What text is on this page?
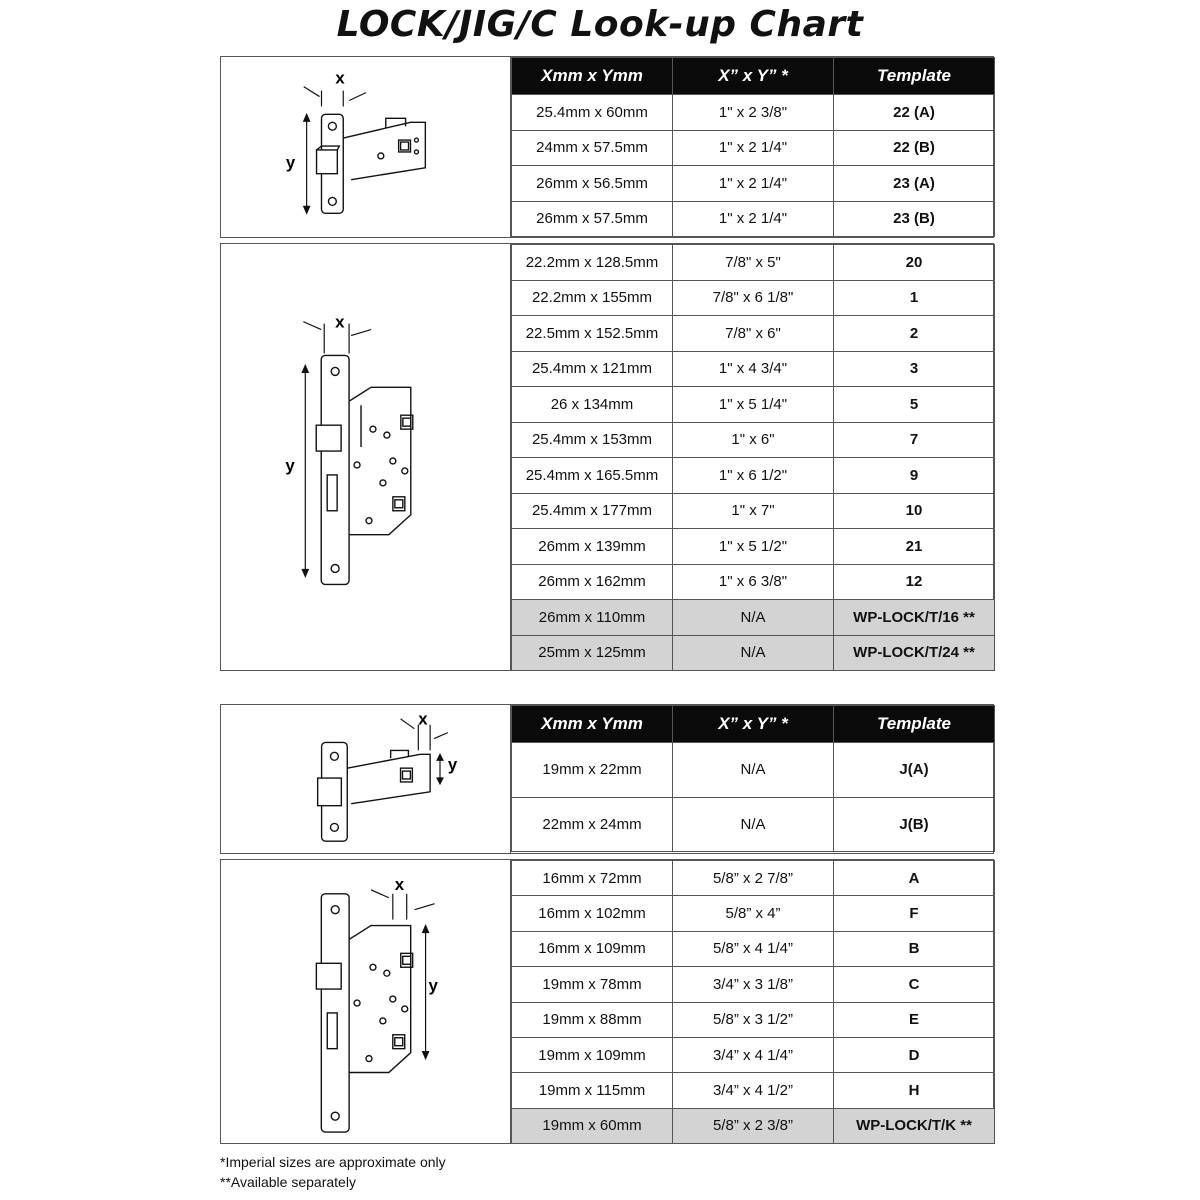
LOCK/JIG/C Look-up Chart
x
y
Xmm x Ymm	X” x Y” *	Template
25.4mm x 60mm	1" x 2 3/8"	22 (A)
24mm x 57.5mm	1" x 2 1/4"	22 (B)
26mm x 56.5mm	1" x 2 1/4"	23 (A)
26mm x 57.5mm	1" x 2 1/4"	23 (B)
x
y
22.2mm x 128.5mm	7/8" x 5"	20
22.2mm x 155mm	7/8" x 6 1/8"	1
22.5mm x 152.5mm	7/8" x 6"	2
25.4mm x 121mm	1" x 4 3/4"	3
26 x 134mm	1" x 5 1/4"	5
25.4mm x 153mm	1" x 6"	7
25.4mm x 165.5mm	1" x 6 1/2"	9
25.4mm x 177mm	1" x 7"	10
26mm x 139mm	1" x 5 1/2"	21
26mm x 162mm	1" x 6 3/8"	12
26mm x 110mm	N/A	WP-LOCK/T/16 **
25mm x 125mm	N/A	WP-LOCK/T/24 **
x
y
Xmm x Ymm	X” x Y” *	Template
19mm x 22mm	N/A	J(A)
22mm x 24mm	N/A	J(B)
x
y
16mm x 72mm	5/8” x 2 7/8”	A
16mm x 102mm	5/8” x 4”	F
16mm x 109mm	5/8” x 4 1/4”	B
19mm x 78mm	3/4” x 3 1/8”	C
19mm x 88mm	5/8” x 3 1/2”	E
19mm x 109mm	3/4” x 4 1/4”	D
19mm x 115mm	3/4” x 4 1/2”	H
19mm x 60mm	5/8” x 2 3/8”	WP-LOCK/T/K **
*Imperial sizes are approximate only
**Available separately
